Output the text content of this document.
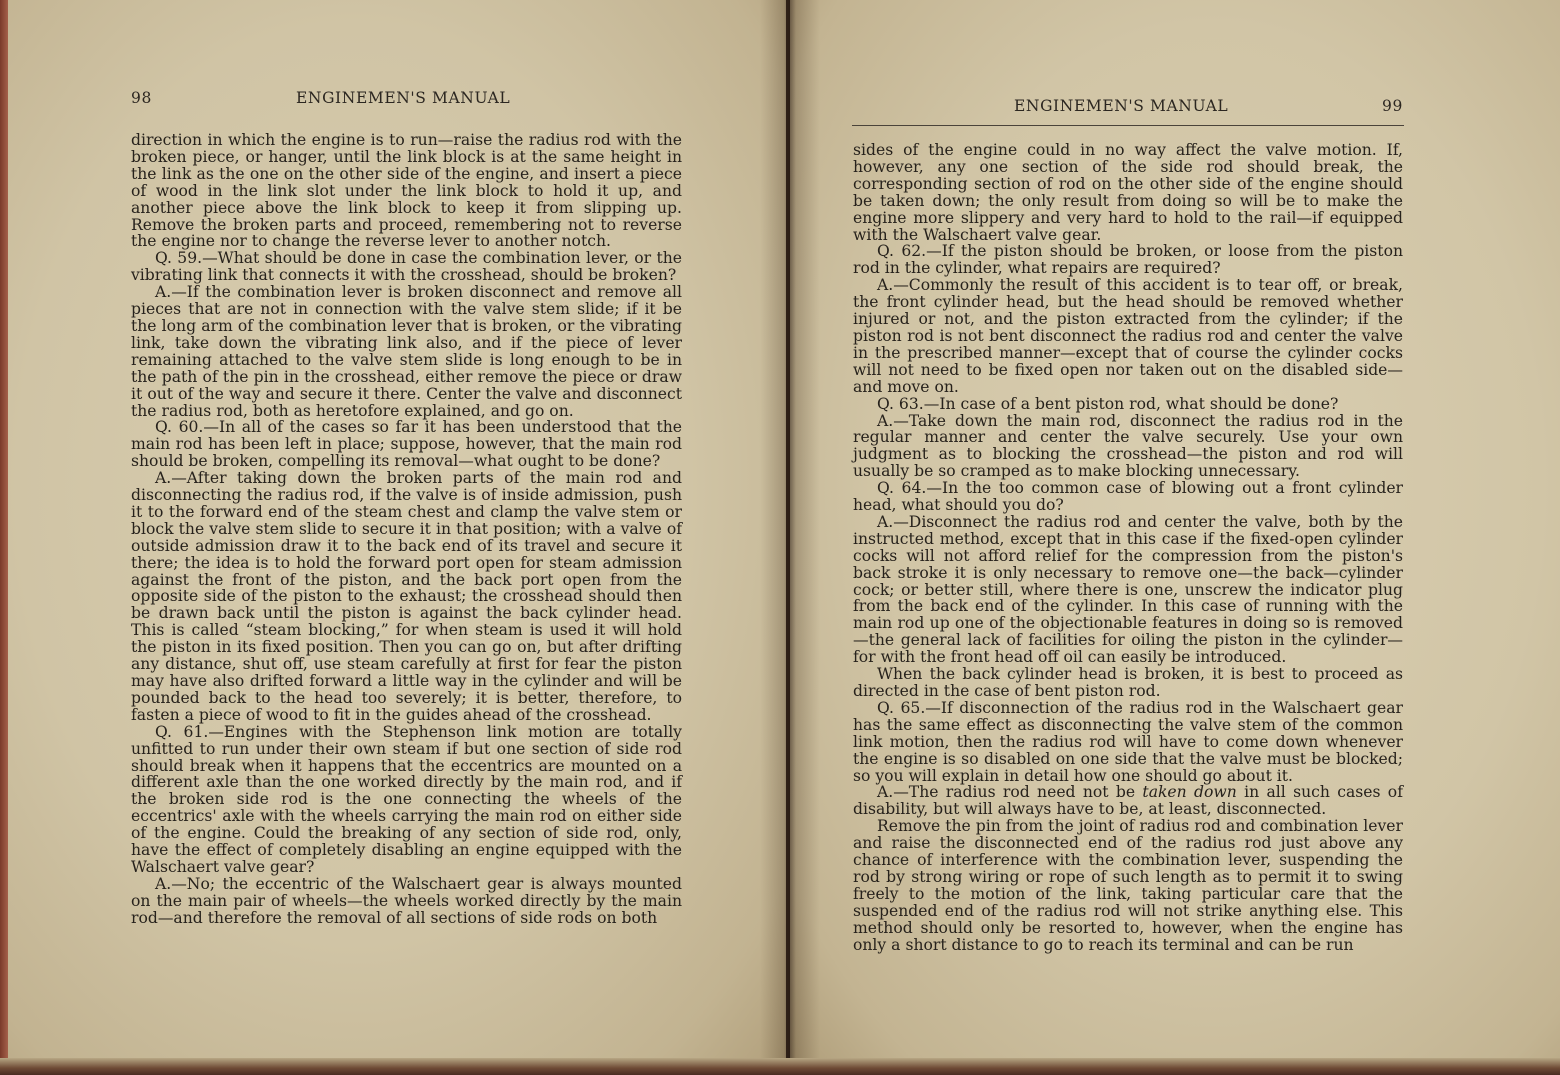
98	ENGINEMEN'S MANUAL

direction in which the engine is to run—raise the radius rod with the broken piece, or hanger, until the link block is at the same height in the link as the one on the other side of the engine, and insert a piece of wood in the link slot under the link block to hold it up, and another piece above the link block to keep it from slipping up. Remove the broken parts and proceed, remembering not to reverse the engine nor to change the reverse lever to another notch.

Q. 59.—What should be done in case the combination lever, or the vibrating link that connects it with the crosshead, should be broken?

A.—If the combination lever is broken disconnect and remove all pieces that are not in connection with the valve stem slide; if it be the long arm of the combination lever that is broken, or the vibrating link, take down the vibrating link also, and if the piece of lever remaining attached to the valve stem slide is long enough to be in the path of the pin in the crosshead, either remove the piece or draw it out of the way and secure it there. Center the valve and disconnect the radius rod, both as heretofore explained, and go on.

Q. 60.—In all of the cases so far it has been understood that the main rod has been left in place; suppose, however, that the main rod should be broken, compelling its removal—what ought to be done?

A.—After taking down the broken parts of the main rod and disconnecting the radius rod, if the valve is of inside admission, push it to the forward end of the steam chest and clamp the valve stem or block the valve stem slide to secure it in that position; with a valve of outside admission draw it to the back end of its travel and secure it there; the idea is to hold the forward port open for steam admission against the front of the piston, and the back port open from the opposite side of the piston to the exhaust; the crosshead should then be drawn back until the piston is against the back cylinder head. This is called “steam blocking,” for when steam is used it will hold the piston in its fixed position. Then you can go on, but after drifting any distance, shut off, use steam carefully at first for fear the piston may have also drifted forward a little way in the cylinder and will be pounded back to the head too severely; it is better, therefore, to fasten a piece of wood to fit in the guides ahead of the crosshead.

Q. 61.—Engines with the Stephenson link motion are totally unfitted to run under their own steam if but one section of side rod should break when it happens that the eccentrics are mounted on a different axle than the one worked directly by the main rod, and if the broken side rod is the one connecting the wheels of the eccentrics' axle with the wheels carrying the main rod on either side of the engine. Could the breaking of any section of side rod, only, have the effect of completely disabling an engine equipped with the Walschaert valve gear?

A.—No; the eccentric of the Walschaert gear is always mounted on the main pair of wheels—the wheels worked directly by the main rod—and therefore the removal of all sections of side rods on both

ENGINEMEN'S MANUAL	99

sides of the engine could in no way affect the valve motion. If, however, any one section of the side rod should break, the corresponding section of rod on the other side of the engine should be taken down; the only result from doing so will be to make the engine more slippery and very hard to hold to the rail—if equipped with the Walschaert valve gear.

Q. 62.—If the piston should be broken, or loose from the piston rod in the cylinder, what repairs are required?

A.—Commonly the result of this accident is to tear off, or break, the front cylinder head, but the head should be removed whether injured or not, and the piston extracted from the cylinder; if the piston rod is not bent disconnect the radius rod and center the valve in the prescribed manner—except that of course the cylinder cocks will not need to be fixed open nor taken out on the disabled side—and move on.

Q. 63.—In case of a bent piston rod, what should be done?

A.—Take down the main rod, disconnect the radius rod in the regular manner and center the valve securely. Use your own judgment as to blocking the crosshead—the piston and rod will usually be so cramped as to make blocking unnecessary.

Q. 64.—In the too common case of blowing out a front cylinder head, what should you do?

A.—Disconnect the radius rod and center the valve, both by the instructed method, except that in this case if the fixed-open cylinder cocks will not afford relief for the compression from the piston's back stroke it is only necessary to remove one—the back—cylinder cock; or better still, where there is one, unscrew the indicator plug from the back end of the cylinder. In this case of running with the main rod up one of the objectionable features in doing so is removed—the general lack of facilities for oiling the piston in the cylinder—for with the front head off oil can easily be introduced.

When the back cylinder head is broken, it is best to proceed as directed in the case of bent piston rod.

Q. 65.—If disconnection of the radius rod in the Walschaert gear has the same effect as disconnecting the valve stem of the common link motion, then the radius rod will have to come down whenever the engine is so disabled on one side that the valve must be blocked; so you will explain in detail how one should go about it.

A.—The radius rod need not be taken down in all such cases of disability, but will always have to be, at least, disconnected.

Remove the pin from the joint of radius rod and combination lever and raise the disconnected end of the radius rod just above any chance of interference with the combination lever, suspending the rod by strong wiring or rope of such length as to permit it to swing freely to the motion of the link, taking particular care that the suspended end of the radius rod will not strike anything else. This method should only be resorted to, however, when the engine has only a short distance to go to reach its terminal and can be run
